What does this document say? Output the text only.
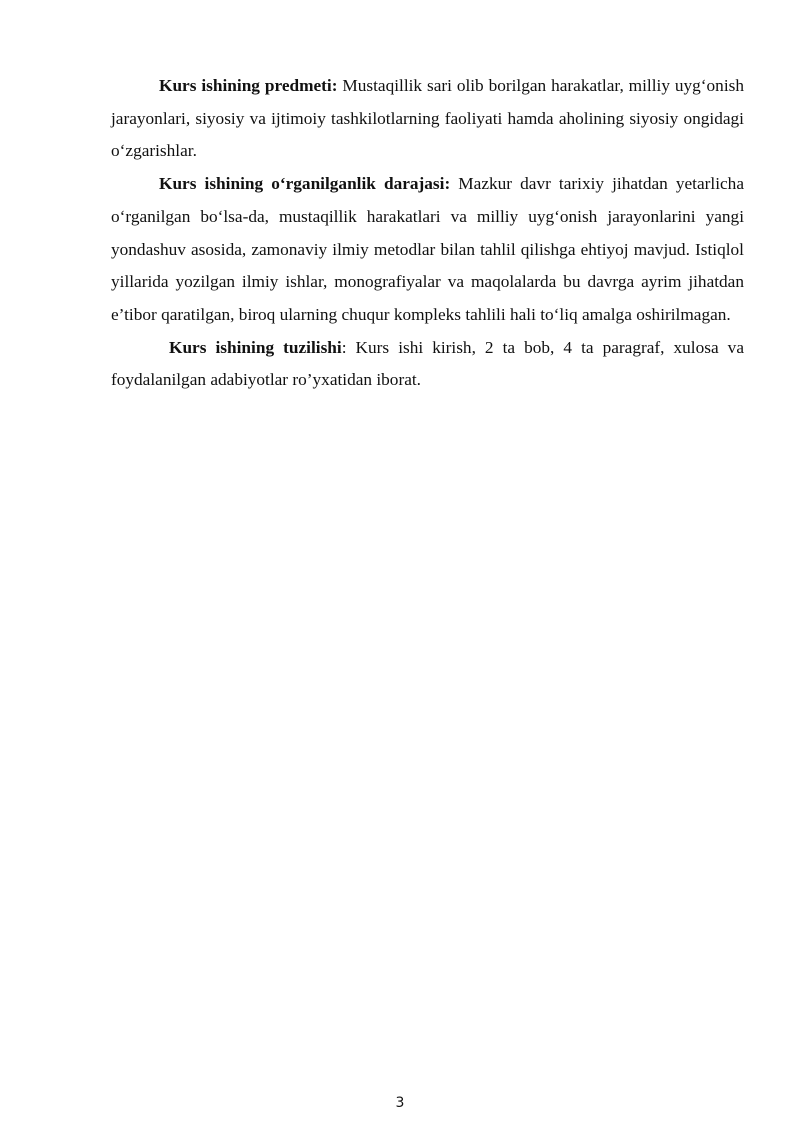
Kurs ishining predmeti: Mustaqillik sari olib borilgan harakatlar, milliy uyg‘onish jarayonlari, siyosiy va ijtimoiy tashkilotlarning faoliyati hamda aholining siyosiy ongidagi o‘zgarishlar.

Kurs ishining o‘rganilganlik darajasi: Mazkur davr tarixiy jihatdan yetarlicha o‘rganilgan bo‘lsa-da, mustaqillik harakatlari va milliy uyg‘onish jarayonlarini yangi yondashuv asosida, zamonaviy ilmiy metodlar bilan tahlil qilishga ehtiyoj mavjud. Istiqlol yillarida yozilgan ilmiy ishlar, monografiyalar va maqolalarda bu davrga ayrim jihatdan e’tibor qaratilgan, biroq ularning chuqur kompleks tahlili hali to‘liq amalga oshirilmagan.

Kurs ishining tuzilishi: Kurs ishi kirish, 2 ta bob, 4 ta paragraf, xulosa va foydalanilgan adabiyotlar ro’yxatidan iborat.

3
